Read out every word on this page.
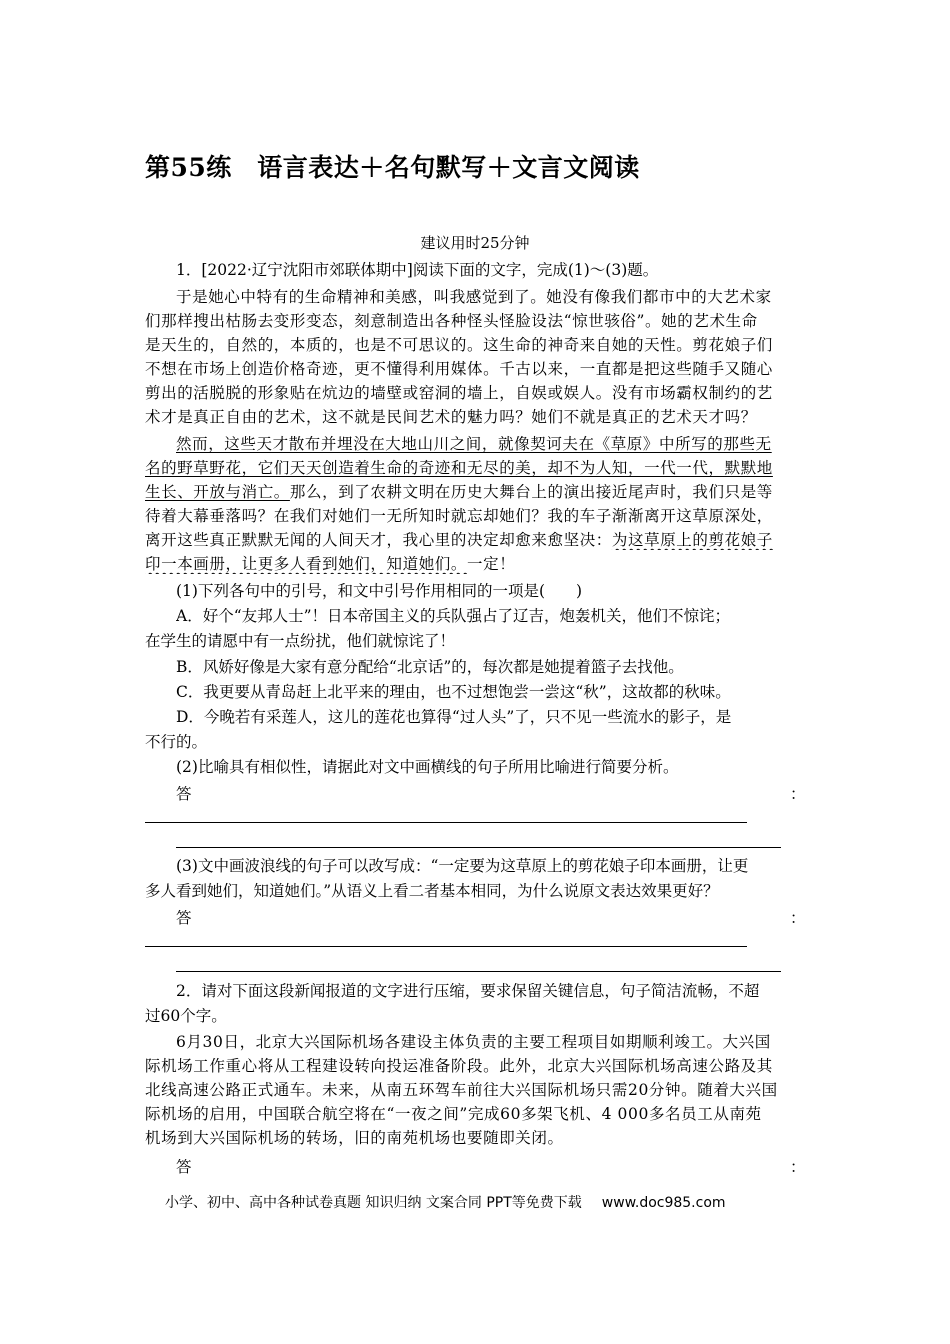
第55练　语言表达＋名句默写＋文言文阅读
建议用时25分钟
1．[2022·辽宁沈阳市郊联体期中]阅读下面的文字，完成(1)～(3)题。
于是她心中特有的生命精神和美感，叫我感觉到了。她没有像我们都市中的大艺术家
们那样搜出枯肠去变形变态，刻意制造出各种怪头怪脸设法“惊世骇俗”。她的艺术生命
是天生的，自然的，本质的，也是不可思议的。这生命的神奇来自她的天性。剪花娘子们
不想在市场上创造价格奇迹，更不懂得利用媒体。千古以来，一直都是把这些随手又随心
剪出的活脱脱的形象贴在炕边的墙壁或窑洞的墙上，自娱或娱人。没有市场霸权制约的艺
术才是真正自由的艺术，这不就是民间艺术的魅力吗？她们不就是真正的艺术天才吗？
然而，这些天才散布并埋没在大地山川之间，就像契诃夫在《草原》中所写的那些无
名的野草野花，它们天天创造着生命的奇迹和无尽的美，却不为人知，一代一代，默默地
生长、开放与消亡。那么，到了农耕文明在历史大舞台上的演出接近尾声时，我们只是等
待着大幕垂落吗？在我们对她们一无所知时就忘却她们？我的车子渐渐离开这草原深处，
离开这些真正默默无闻的人间天才，我心里的决定却愈来愈坚决：为这草原上的剪花娘子
印一本画册，让更多人看到她们，知道她们。一定！
(1)下列各句中的引号，和文中引号作用相同的一项是(　　)
A．好个“友邦人士”！日本帝国主义的兵队强占了辽吉，炮轰机关，他们不惊诧；
在学生的请愿中有一点纷扰，他们就惊诧了！
B．风娇好像是大家有意分配给“北京话”的，每次都是她提着篮子去找他。
C．我更要从青岛赶上北平来的理由，也不过想饱尝一尝这“秋”，这故都的秋味。
D．今晚若有采莲人，这儿的莲花也算得“过人头”了，只不见一些流水的影子，是
不行的。
(2)比喻具有相似性，请据此对文中画横线的句子所用比喻进行简要分析。
答	：
(3)文中画波浪线的句子可以改写成：“一定要为这草原上的剪花娘子印本画册，让更
多人看到她们，知道她们。”从语义上看二者基本相同，为什么说原文表达效果更好？
答	：
2．请对下面这段新闻报道的文字进行压缩，要求保留关键信息，句子简洁流畅，不超
过60个字。
6月30日，北京大兴国际机场各建设主体负责的主要工程项目如期顺利竣工。大兴国
际机场工作重心将从工程建设转向投运准备阶段。此外，北京大兴国际机场高速公路及其
北线高速公路正式通车。未来，从南五环驾车前往大兴国际机场只需20分钟。随着大兴国
际机场的启用，中国联合航空将在“一夜之间”完成60多架飞机、4 000多名员工从南苑
机场到大兴国际机场的转场，旧的南苑机场也要随即关闭。
答	：
小学、初中、高中各种试卷真题 知识归纳 文案合同 PPT等免费下载 www.doc985.com
